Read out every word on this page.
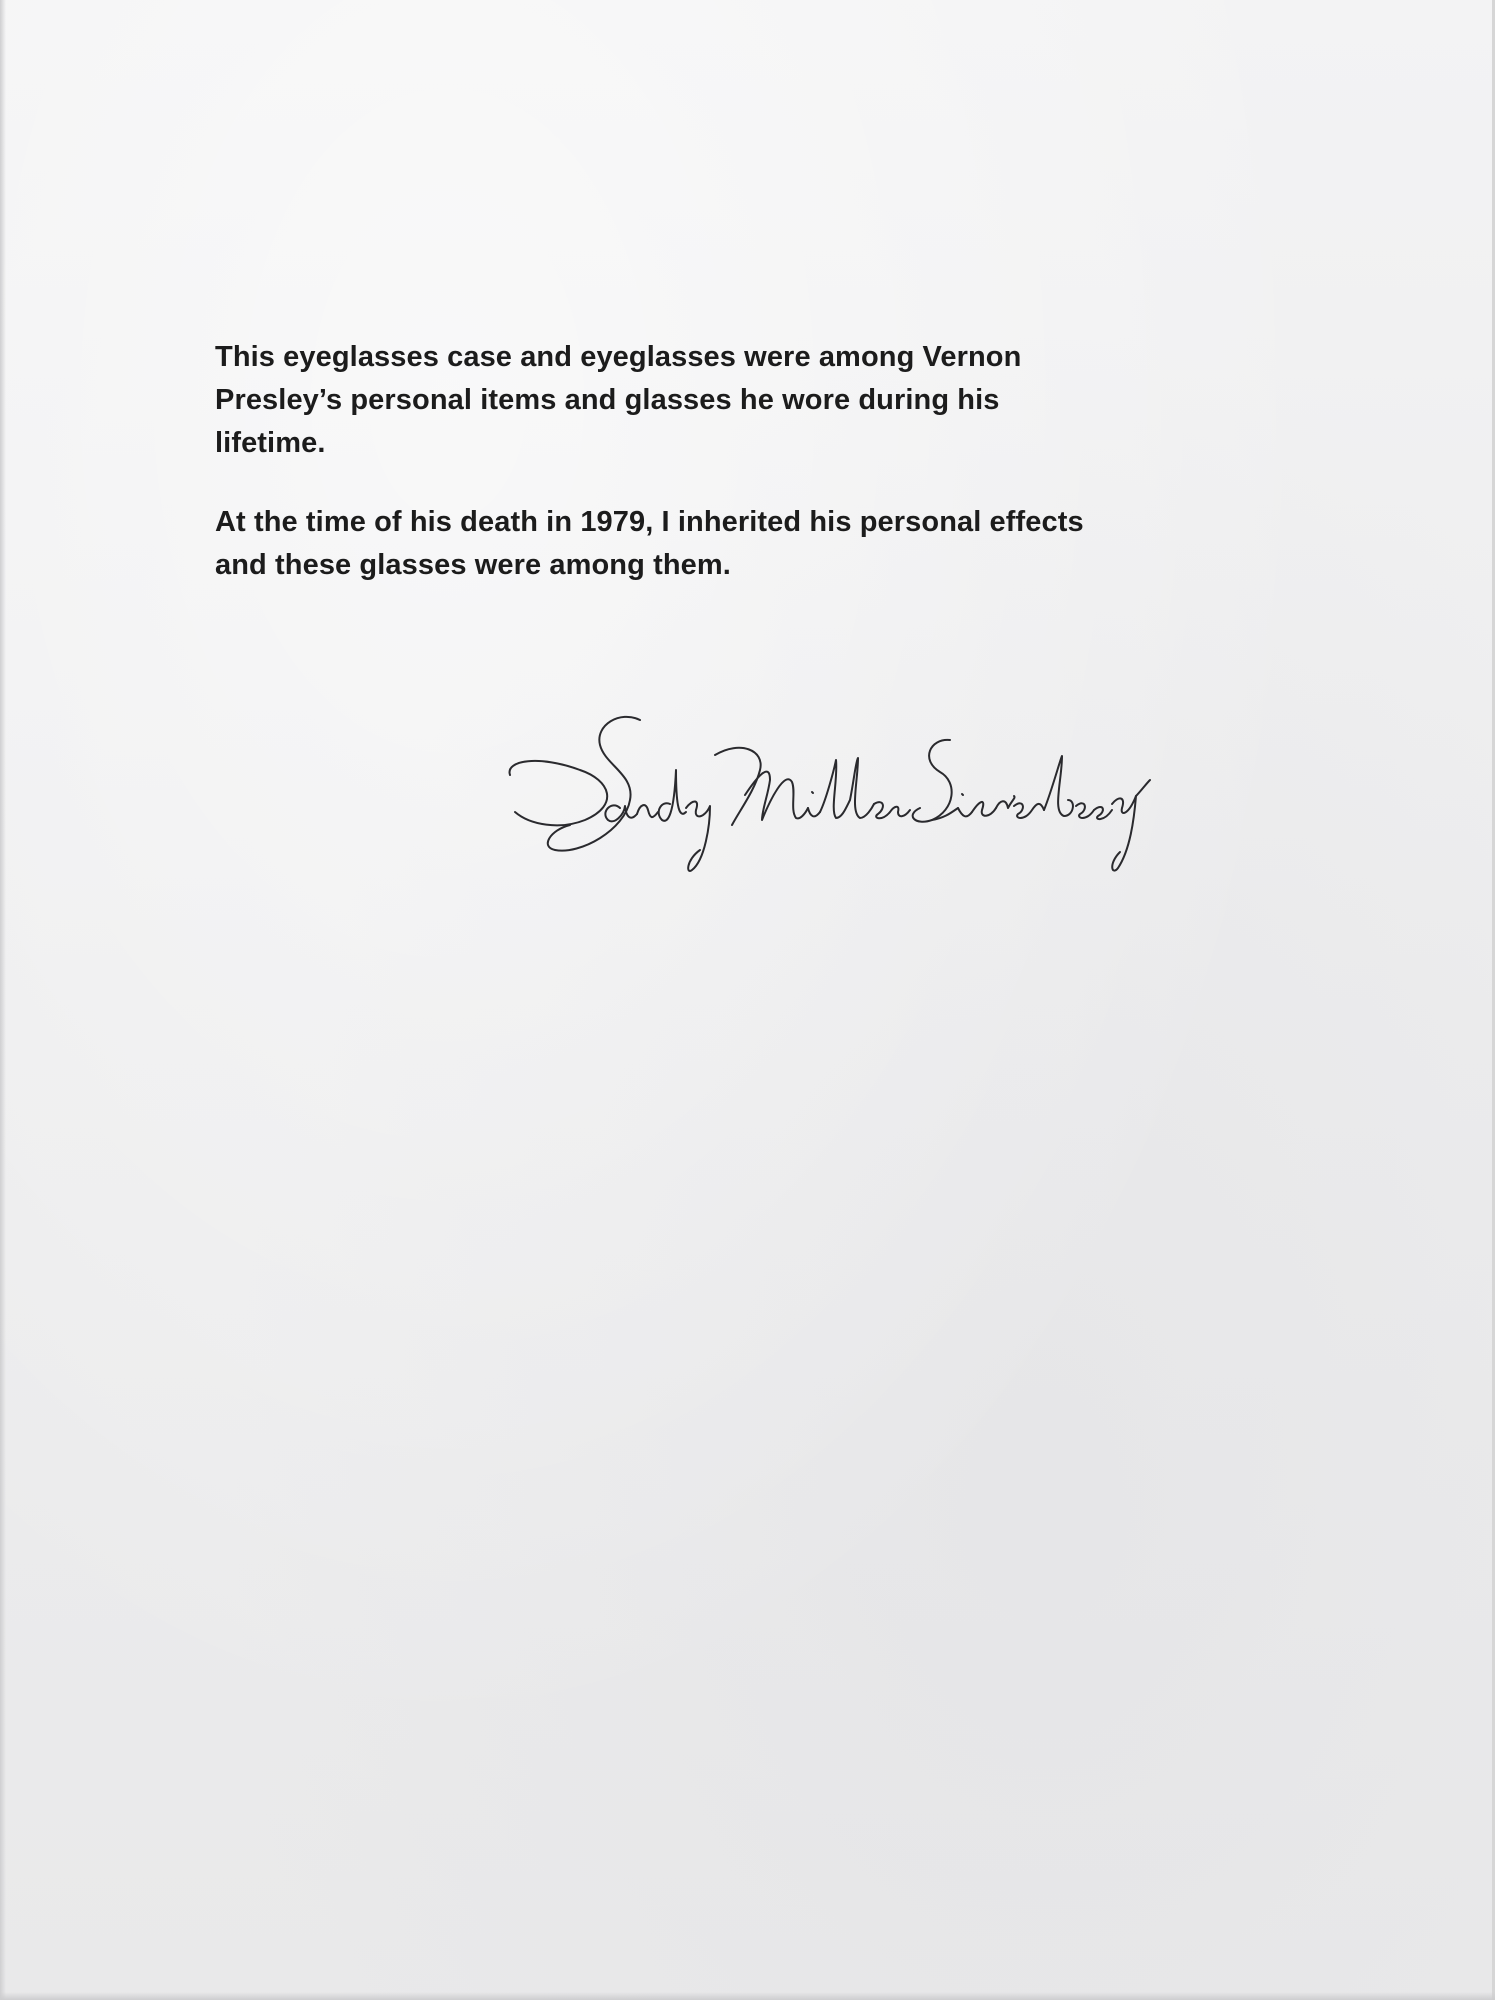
This eyeglasses case and eyeglasses were among Vernon
Presley’s personal items and glasses he wore during his
lifetime.

At the time of his death in 1979, I inherited his personal effects
and these glasses were among them.
